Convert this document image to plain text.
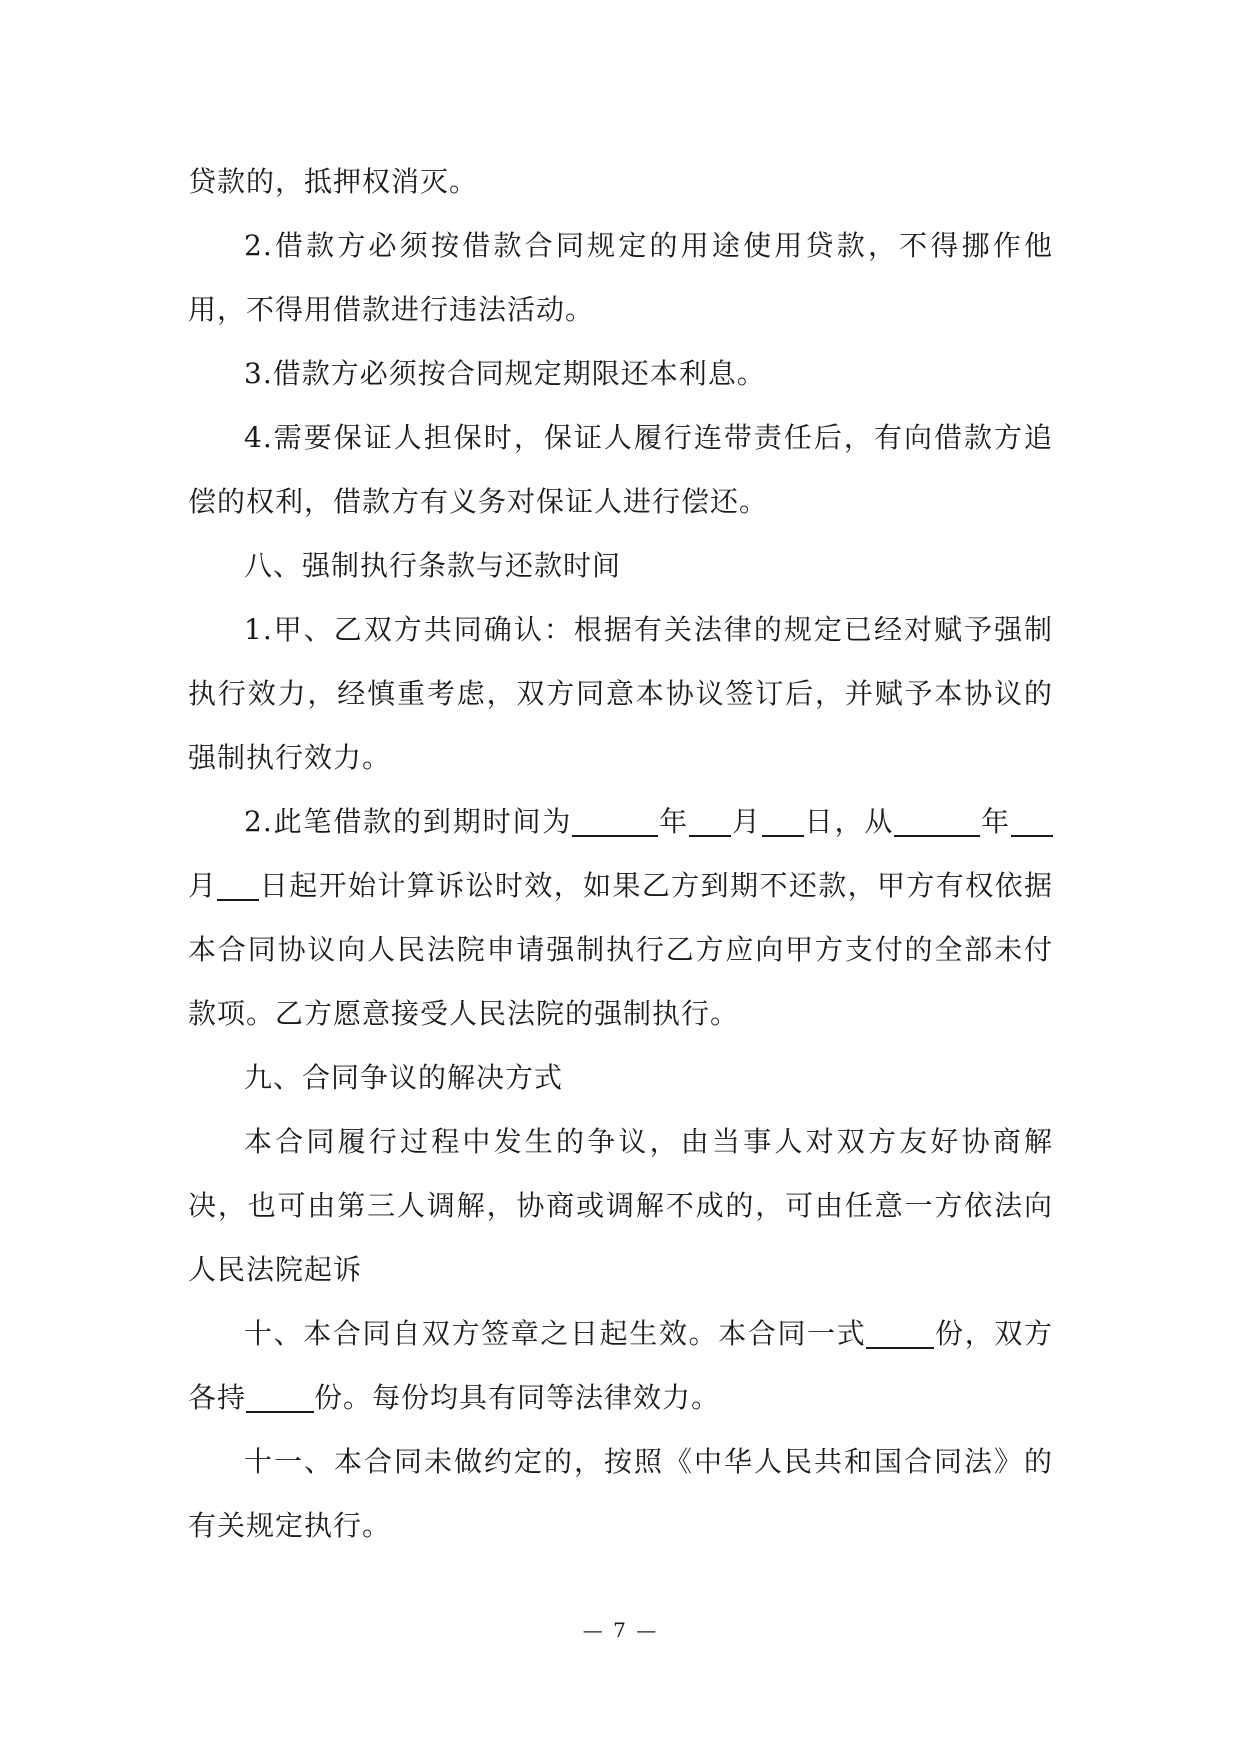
贷款的，抵押权消灭。

2.借款方必须按借款合同规定的用途使用贷款，不得挪作他用，不得用借款进行违法活动。

3.借款方必须按合同规定期限还本利息。

4.需要保证人担保时，保证人履行连带责任后，有向借款方追偿的权利，借款方有义务对保证人进行偿还。

八、强制执行条款与还款时间

1.甲、乙双方共同确认：根据有关法律的规定已经对赋予强制执行效力，经慎重考虑，双方同意本协议签订后，并赋予本协议的强制执行效力。

2.此笔借款的到期时间为	年 月 日，从	年月 日起开始计算诉讼时效，如果乙方到期不还款，甲方有权依据本合同协议向人民法院申请强制执行乙方应向甲方支付的全部未付款项。乙方愿意接受人民法院的强制执行。

九、合同争议的解决方式

本合同履行过程中发生的争议，由当事人对双方友好协商解决，也可由第三人调解，协商或调解不成的，可由任意一方依法向人民法院起诉

十、本合同自双方签章之日起生效。本合同一式 份，双方各持 份。每份均具有同等法律效力。

十一、本合同未做约定的，按照《中华人民共和国合同法》的有关规定执行。

— 7 —
